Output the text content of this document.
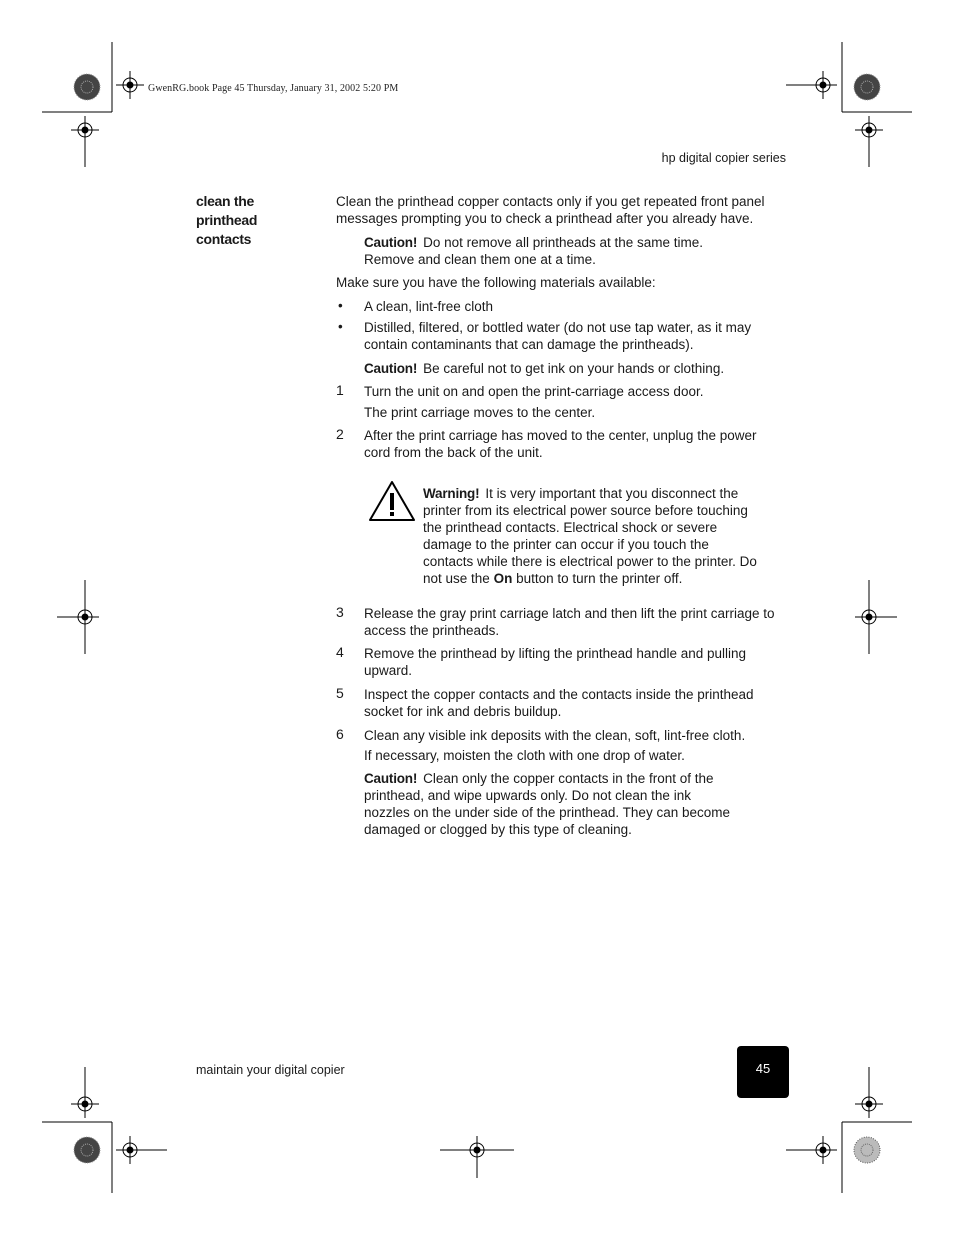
GwenRG.book Page 45 Thursday, January 31, 2002 5:20 PM
hp digital copier series
clean the
printhead
contacts
Clean the printhead copper contacts only if you get repeated front panel
messages prompting you to check a printhead after you already have.
Caution! Do not remove all printheads at the same time.
Remove and clean them one at a time.
Make sure you have the following materials available:
• A clean, lint-free cloth
• Distilled, filtered, or bottled water (do not use tap water, as it may
contain contaminants that can damage the printheads).
Caution! Be careful not to get ink on your hands or clothing.
1 Turn the unit on and open the print-carriage access door.
The print carriage moves to the center.
2 After the print carriage has moved to the center, unplug the power
cord from the back of the unit.
Warning! It is very important that you disconnect the
printer from its electrical power source before touching
the printhead contacts. Electrical shock or severe
damage to the printer can occur if you touch the
contacts while there is electrical power to the printer. Do
not use the On button to turn the printer off.
3 Release the gray print carriage latch and then lift the print carriage to
access the printheads.
4 Remove the printhead by lifting the printhead handle and pulling
upward.
5 Inspect the copper contacts and the contacts inside the printhead
socket for ink and debris buildup.
6 Clean any visible ink deposits with the clean, soft, lint-free cloth.
If necessary, moisten the cloth with one drop of water.
Caution! Clean only the copper contacts in the front of the
printhead, and wipe upwards only. Do not clean the ink
nozzles on the under side of the printhead. They can become
damaged or clogged by this type of cleaning.
maintain your digital copier	45
